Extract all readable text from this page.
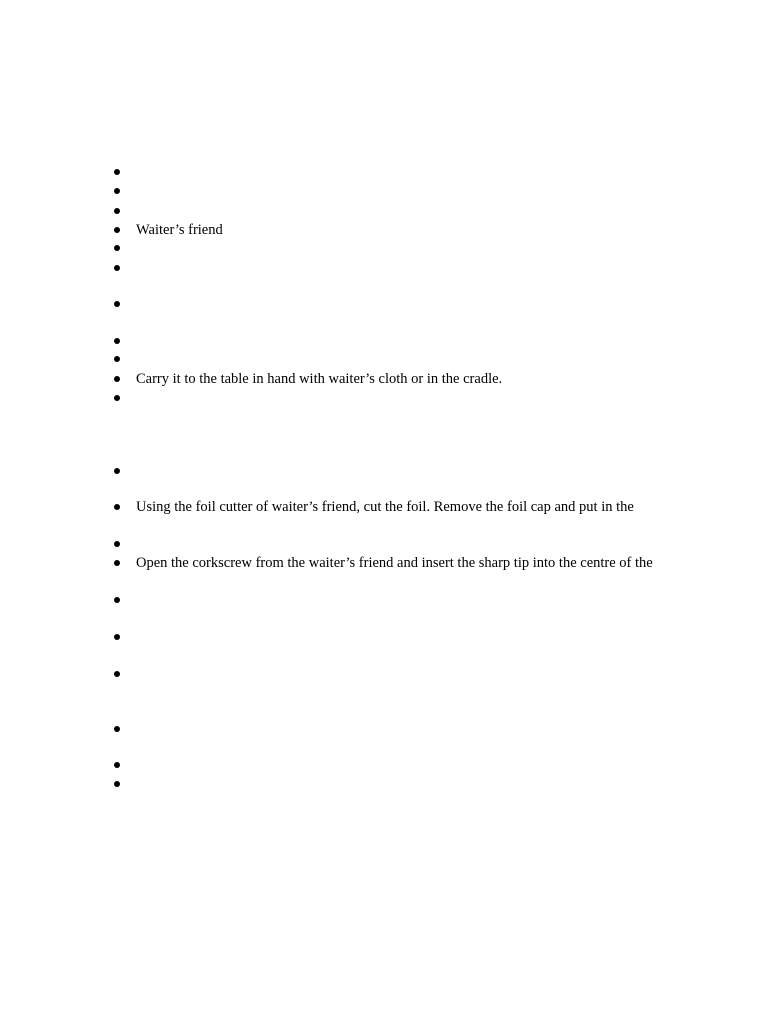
Waiter’s friend
Carry it to the table in hand with waiter’s cloth or in the cradle.
Using the foil cutter of waiter’s friend, cut the foil. Remove the foil cap and put in the
Open the corkscrew from the waiter’s friend and insert the sharp tip into the centre of the
